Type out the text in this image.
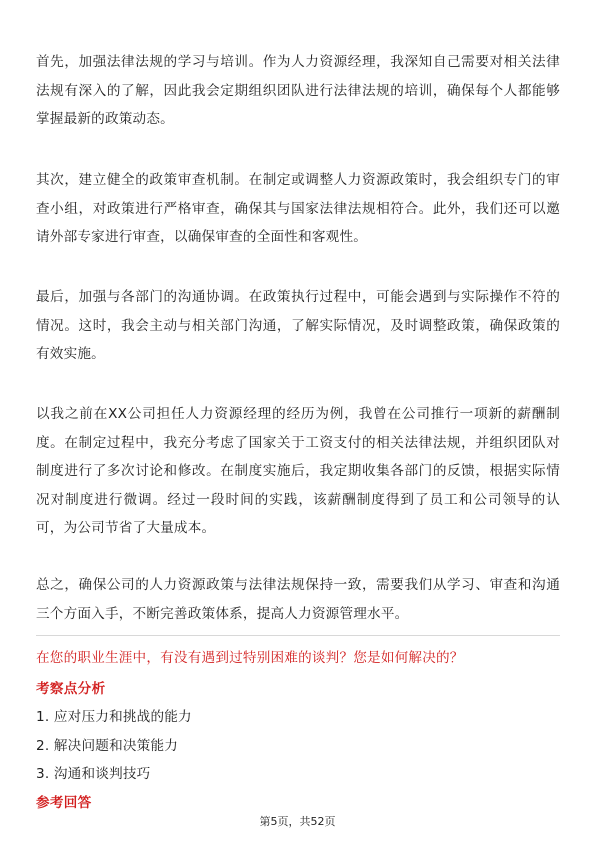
首先，加强法律法规的学习与培训。作为人力资源经理，我深知自己需要对相关法律法规有深入的了解，因此我会定期组织团队进行法律法规的培训，确保每个人都能够掌握最新的政策动态。

其次，建立健全的政策审查机制。在制定或调整人力资源政策时，我会组织专门的审查小组，对政策进行严格审查，确保其与国家法律法规相符合。此外，我们还可以邀请外部专家进行审查，以确保审查的全面性和客观性。

最后，加强与各部门的沟通协调。在政策执行过程中，可能会遇到与实际操作不符的情况。这时，我会主动与相关部门沟通，了解实际情况，及时调整政策，确保政策的有效实施。

以我之前在XX公司担任人力资源经理的经历为例，我曾在公司推行一项新的薪酬制度。在制定过程中，我充分考虑了国家关于工资支付的相关法律法规，并组织团队对制度进行了多次讨论和修改。在制度实施后，我定期收集各部门的反馈，根据实际情况对制度进行微调。经过一段时间的实践，该薪酬制度得到了员工和公司领导的认可，为公司节省了大量成本。

总之，确保公司的人力资源政策与法律法规保持一致，需要我们从学习、审查和沟通三个方面入手，不断完善政策体系，提高人力资源管理水平。

在您的职业生涯中，有没有遇到过特别困难的谈判？您是如何解决的？

考察点分析

1. 应对压力和挑战的能力

2. 解决问题和决策能力

3. 沟通和谈判技巧

参考回答

第5页，共52页
